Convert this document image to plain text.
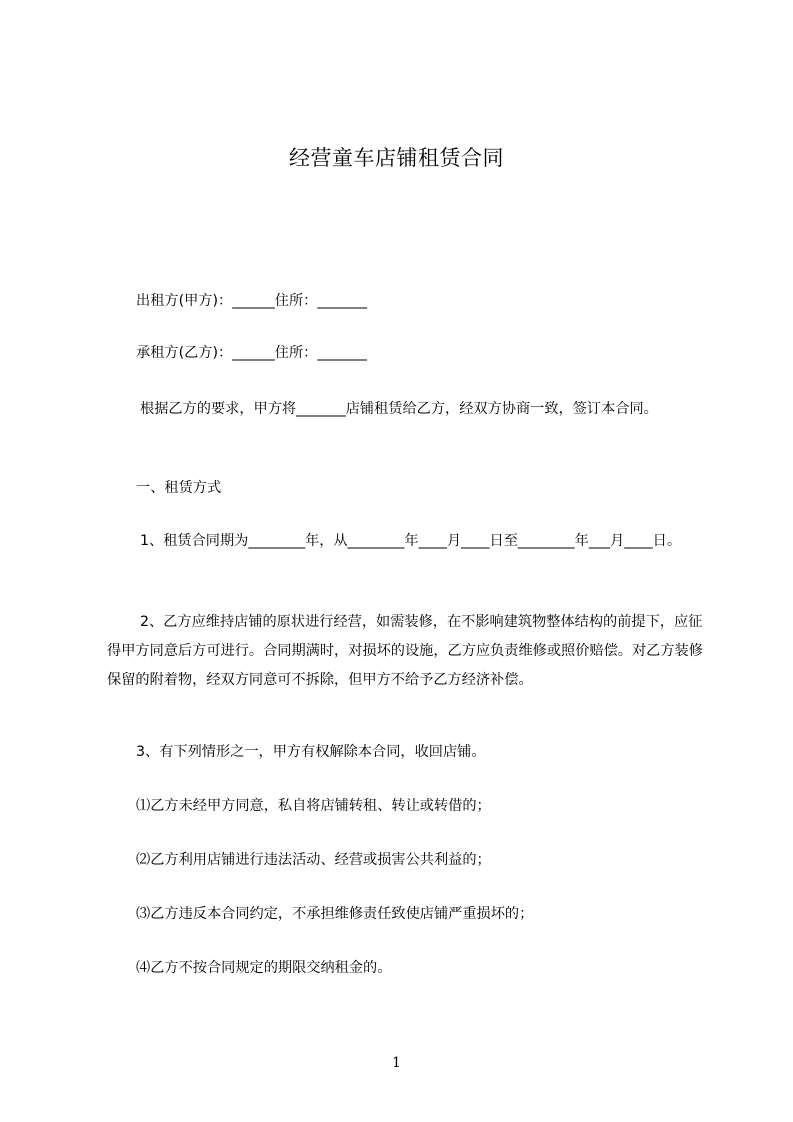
经营童车店铺租赁合同
出租方(甲方)：______住所：_______
承租方(乙方)：______住所：_______
根据乙方的要求，甲方将_______店铺租赁给乙方，经双方协商一致，签订本合同。
一、租赁方式
1、租赁合同期为________年，从________年____月____日至________年___月____日。
2、乙方应维持店铺的原状进行经营，如需装修，在不影响建筑物整体结构的前提下，应征得甲方同意后方可进行。合同期满时，对损坏的设施，乙方应负责维修或照价赔偿。对乙方装修保留的附着物，经双方同意可不拆除，但甲方不给予乙方经济补偿。
3、有下列情形之一，甲方有权解除本合同，收回店铺。
⑴乙方未经甲方同意，私自将店铺转租、转让或转借的；
⑵乙方利用店铺进行违法活动、经营或损害公共利益的；
⑶乙方违反本合同约定，不承担维修责任致使店铺严重损坏的；
⑷乙方不按合同规定的期限交纳租金的。
1
